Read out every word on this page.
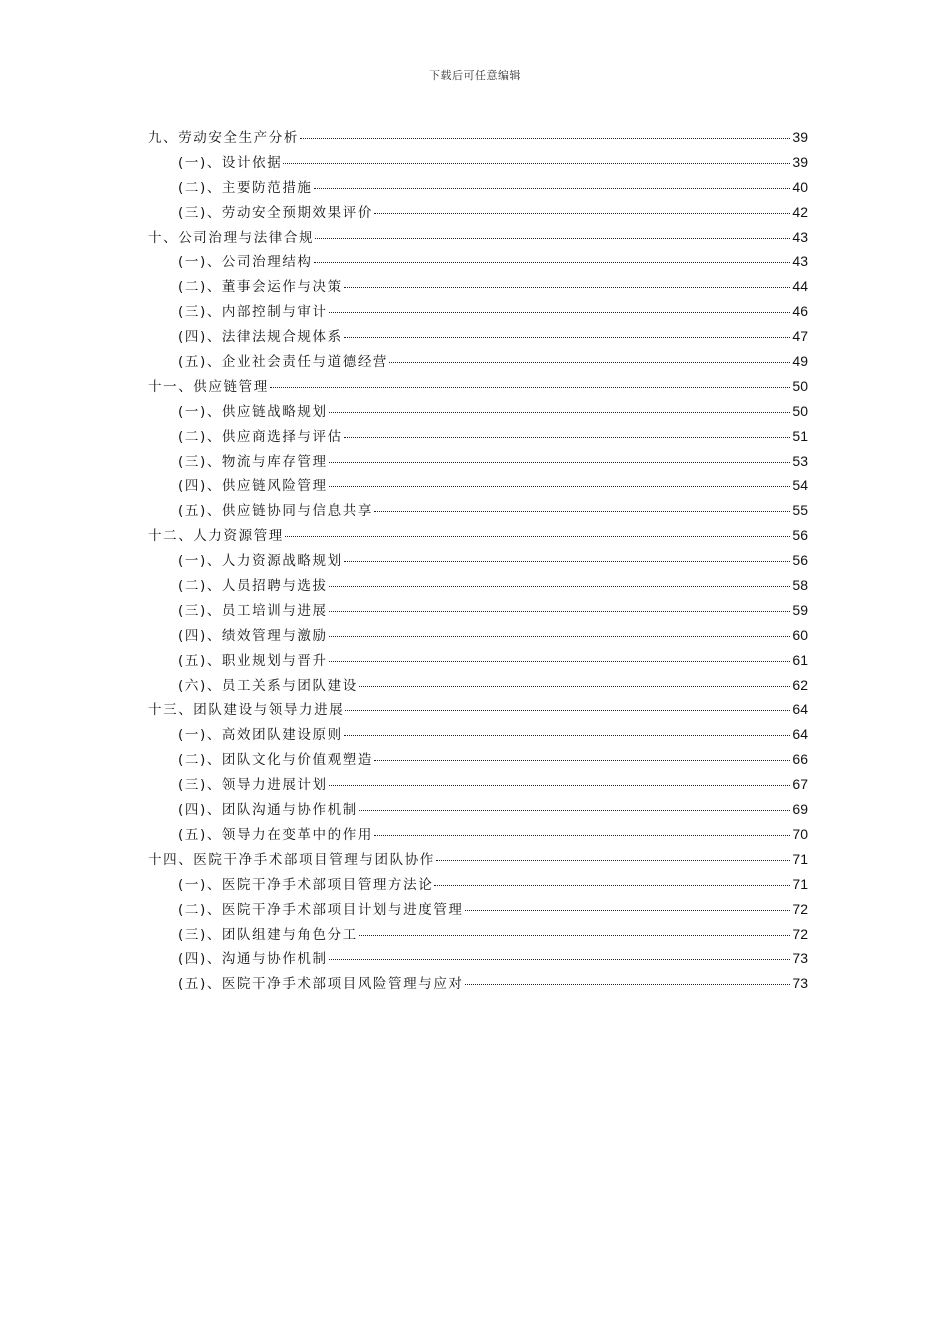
下载后可任意编辑
九、劳动安全生产分析	39
(一)、设计依据	39
(二)、主要防范措施	40
(三)、劳动安全预期效果评价	42
十、公司治理与法律合规	43
(一)、公司治理结构	43
(二)、董事会运作与决策	44
(三)、内部控制与审计	46
(四)、法律法规合规体系	47
(五)、企业社会责任与道德经营	49
十一、供应链管理	50
(一)、供应链战略规划	50
(二)、供应商选择与评估	51
(三)、物流与库存管理	53
(四)、供应链风险管理	54
(五)、供应链协同与信息共享	55
十二、人力资源管理	56
(一)、人力资源战略规划	56
(二)、人员招聘与选拔	58
(三)、员工培训与进展	59
(四)、绩效管理与激励	60
(五)、职业规划与晋升	61
(六)、员工关系与团队建设	62
十三、团队建设与领导力进展	64
(一)、高效团队建设原则	64
(二)、团队文化与价值观塑造	66
(三)、领导力进展计划	67
(四)、团队沟通与协作机制	69
(五)、领导力在变革中的作用	70
十四、医院干净手术部项目管理与团队协作	71
(一)、医院干净手术部项目管理方法论	71
(二)、医院干净手术部项目计划与进度管理	72
(三)、团队组建与角色分工	72
(四)、沟通与协作机制	73
(五)、医院干净手术部项目风险管理与应对	73
